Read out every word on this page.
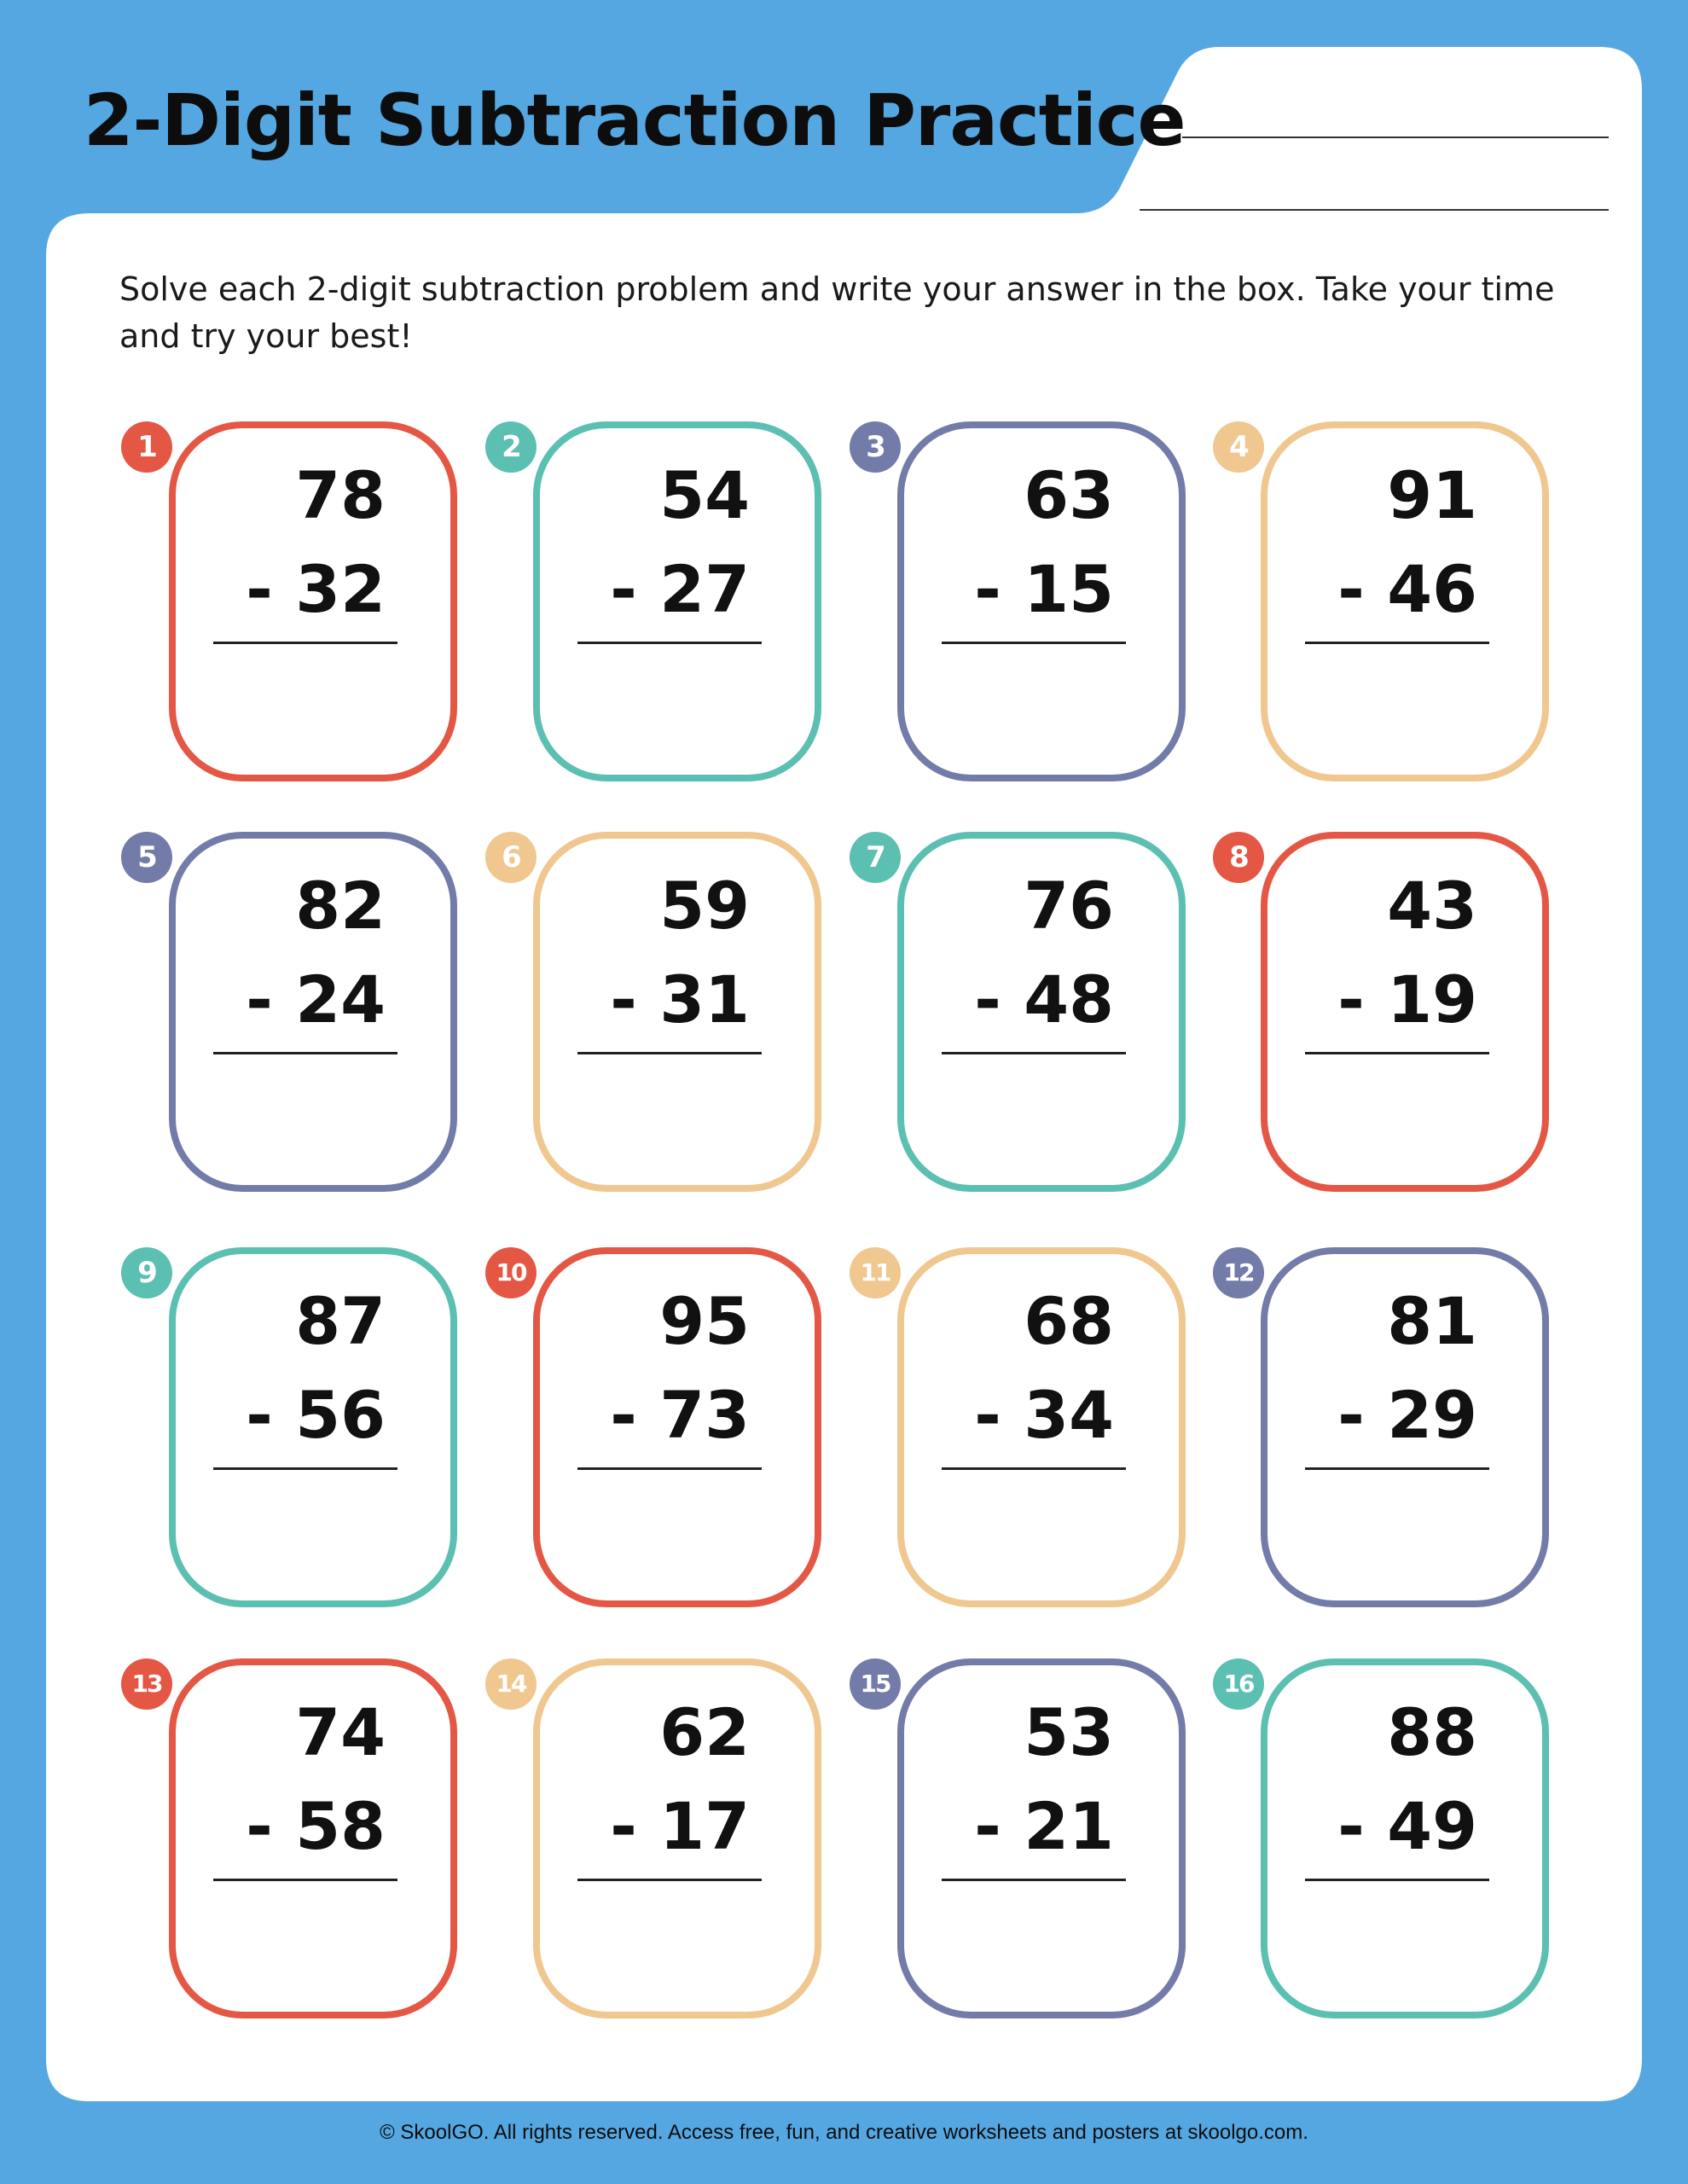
2-Digit Subtraction Practice
Solve each 2-digit subtraction problem and write your answer in the box. Take your time and try your best!
1
78
- 32
2
54
- 27
3
63
- 15
4
91
- 46
5
82
- 24
6
59
- 31
7
76
- 48
8
43
- 19
9
87
- 56
10
95
- 73
11
68
- 34
12
81
- 29
13
74
- 58
14
62
- 17
15
53
- 21
16
88
- 49
© SkoolGO. All rights reserved. Access free, fun, and creative worksheets and posters at skoolgo.com.
